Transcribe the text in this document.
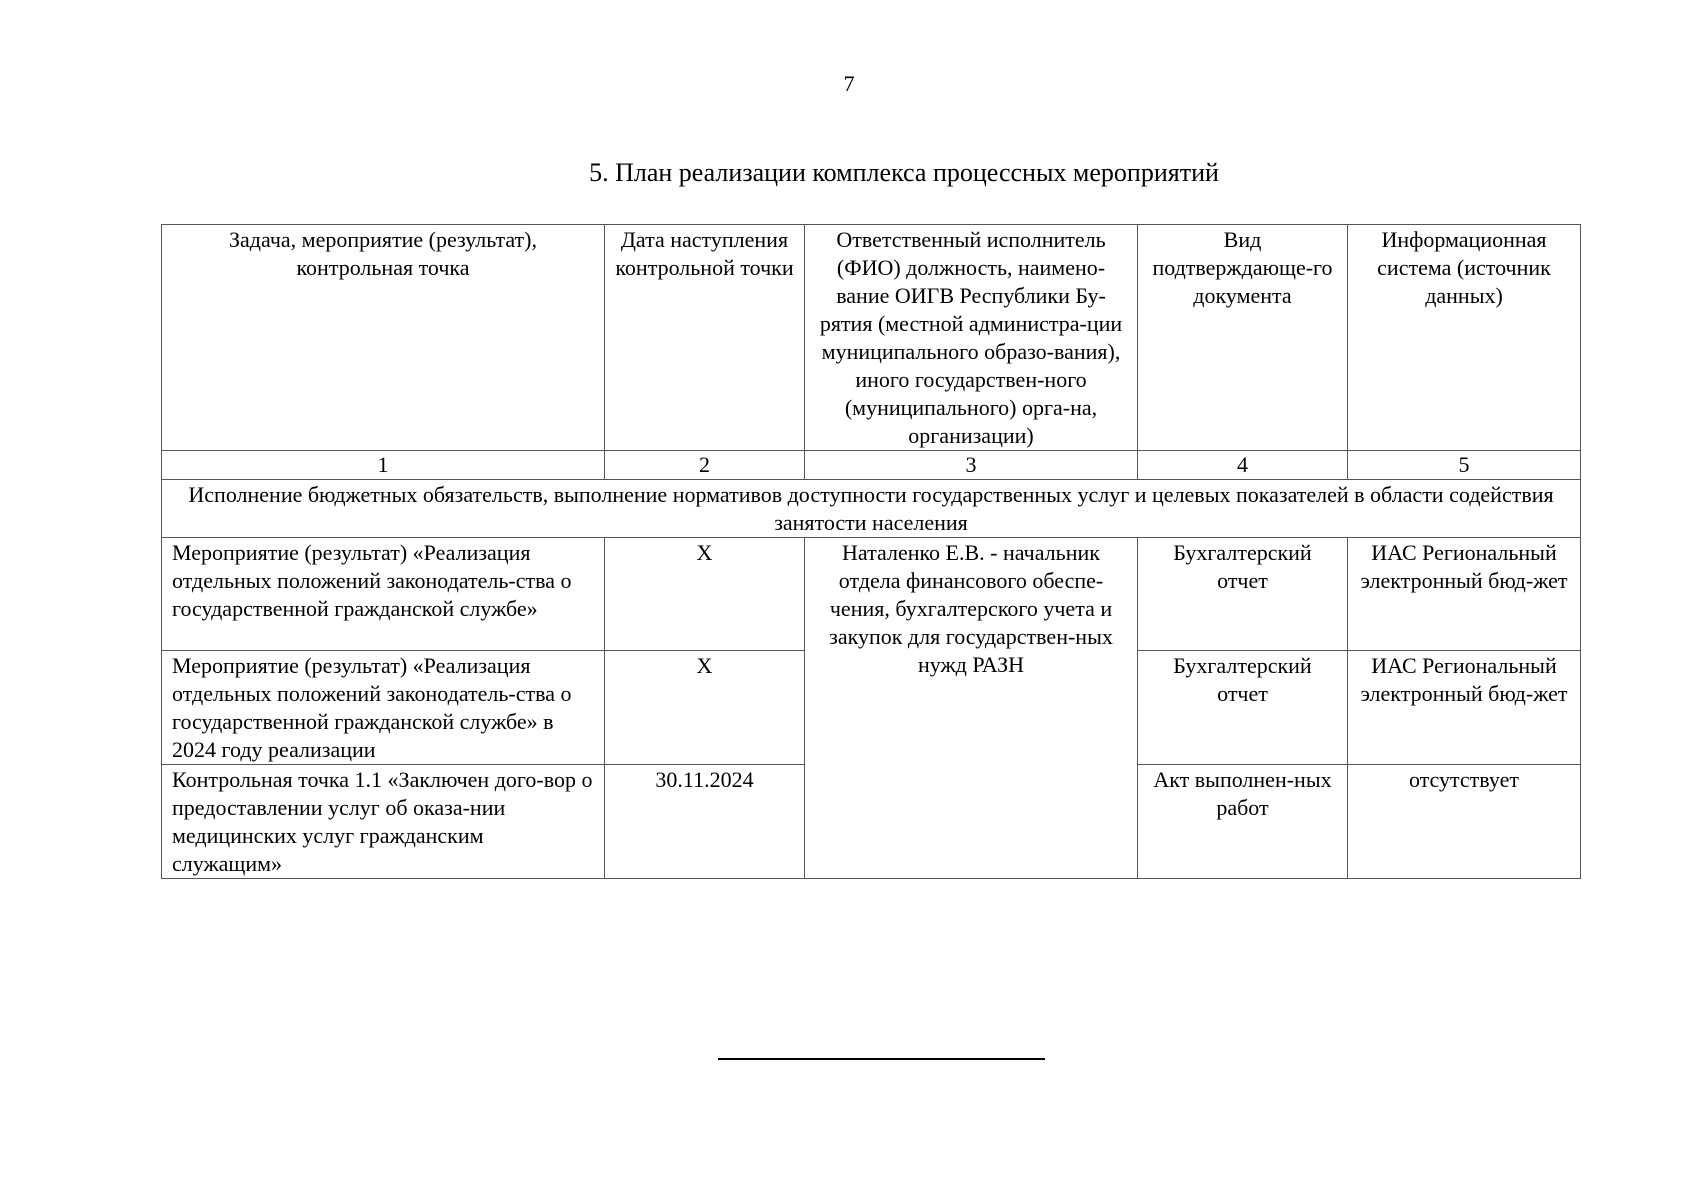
7
5. План реализации комплекса процессных мероприятий
Задача, мероприятие (результат), контрольная точка	Дата наступления контрольной точки	Ответственный исполнитель (ФИО) должность, наимено-вание ОИГВ Республики Бу-рятия (местной администра-ции муниципального образо-вания), иного государствен-ного (муниципального) орга-на, организации)	Вид подтверждающе-го документа	Информационная система (источник данных)
1	2	3	4	5
Исполнение бюджетных обязательств, выполнение нормативов доступности государственных услуг и целевых показателей в области содействия занятости населения				
Мероприятие (результат) «Реализация отдельных положений законодатель-ства о государственной гражданской службе»	Х	Наталенко Е.В. - начальник отдела финансового обеспе-чения, бухгалтерского учета и закупок для государствен-ных нужд РАЗН	Бухгалтерский отчет	ИАС Региональный электронный бюд-жет
Мероприятие (результат) «Реализация отдельных положений законодатель-ства о государственной гражданской службе» в 2024 году реализации	Х		Бухгалтерский отчет	ИАС Региональный электронный бюд-жет
Контрольная точка 1.1 «Заключен дого-вор о предоставлении услуг об оказа-нии медицинских услуг гражданским служащим»	30.11.2024		Акт выполнен-ных работ	отсутствует
